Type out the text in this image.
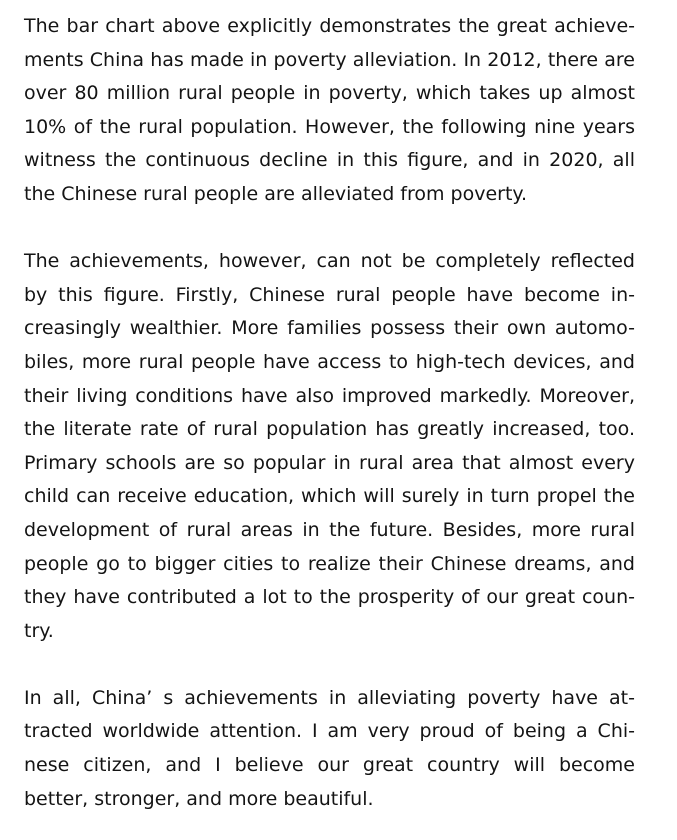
The bar chart above explicitly demonstrates the great achieve-
ments China has made in poverty alleviation. In 2012, there are
over 80 million rural people in poverty, which takes up almost
10% of the rural population. However, the following nine years
witness the continuous decline in this figure, and in 2020, all
the Chinese rural people are alleviated from poverty.
The achievements, however, can not be completely reflected
by this figure. Firstly, Chinese rural people have become in-
creasingly wealthier. More families possess their own automo-
biles, more rural people have access to high-tech devices, and
their living conditions have also improved markedly. Moreover,
the literate rate of rural population has greatly increased, too.
Primary schools are so popular in rural area that almost every
child can receive education, which will surely in turn propel the
development of rural areas in the future. Besides, more rural
people go to bigger cities to realize their Chinese dreams, and
they have contributed a lot to the prosperity of our great coun-
try.
In all, China’ s achievements in alleviating poverty have at-
tracted worldwide attention. I am very proud of being a Chi-
nese citizen, and I believe our great country will become
better, stronger, and more beautiful.
